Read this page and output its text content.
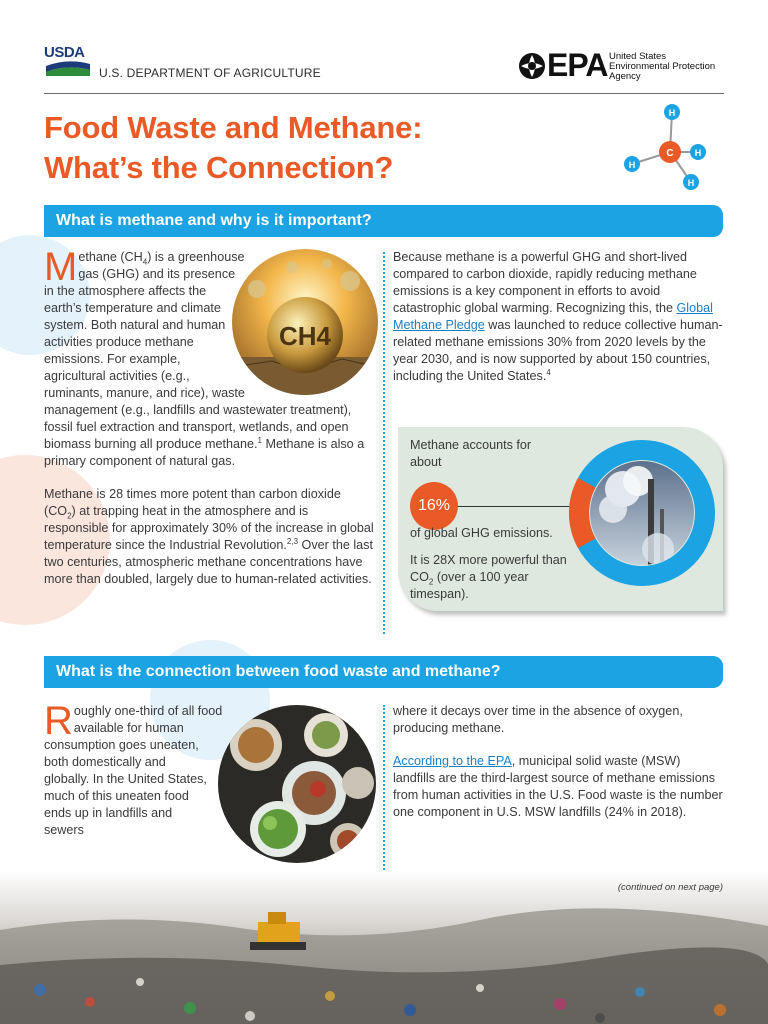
USDA
U.S. DEPARTMENT OF AGRICULTURE	EPA United States Environmental Protection Agency
Food Waste and Methane:
What’s the Connection?	C
H
H
H
H
What is methane and why is it important?
CH4
Methane $(CH_4)$ is a greenhouse gas (GHG) and its presence in the atmosphere affects the earth’s temperature and climate system. Both natural and human activities produce methane emissions. For example, agricultural activities (e.g., ruminants, manure, and rice), waste management (e.g., landfills and wastewater treatment), fossil fuel extraction and transport, wetlands, and open biomass burning all produce methane.$^1$ Methane is also a primary component of natural gas.
Methane is 28 times more potent than carbon dioxide $(CO_2)$ at trapping heat in the atmosphere and is responsible for approximately 30% of the increase in global temperature since the Industrial Revolution.$^{2,3}$ Over the last two centuries, atmospheric methane concentrations have more than doubled, largely due to human-related activities.
Because methane is a powerful GHG and short-lived compared to carbon dioxide, rapidly reducing methane emissions is a key component in efforts to avoid catastrophic global warming. Recognizing this, the Global Methane Pledge was launched to reduce collective human-related methane emissions 30% from 2020 levels by the year 2030, and is now supported by about 150 countries, including the United States.$^4$
Methane accounts for about
16%
of global GHG emissions.
It is 28X more powerful than $CO_2$ (over a 100 year timespan).
What is the connection between food waste and methane?
Roughly one-third of all food available for human consumption goes uneaten, both domestically and globally. In the United States, much of this uneaten food ends up in landfills and sewers
where it decays over time in the absence of oxygen, producing methane.
According to the EPA, municipal solid waste (MSW) landfills are the third-largest source of methane emissions from human activities in the U.S. Food waste is the number one component in U.S. MSW landfills (24% in 2018).
(continued on next page)
